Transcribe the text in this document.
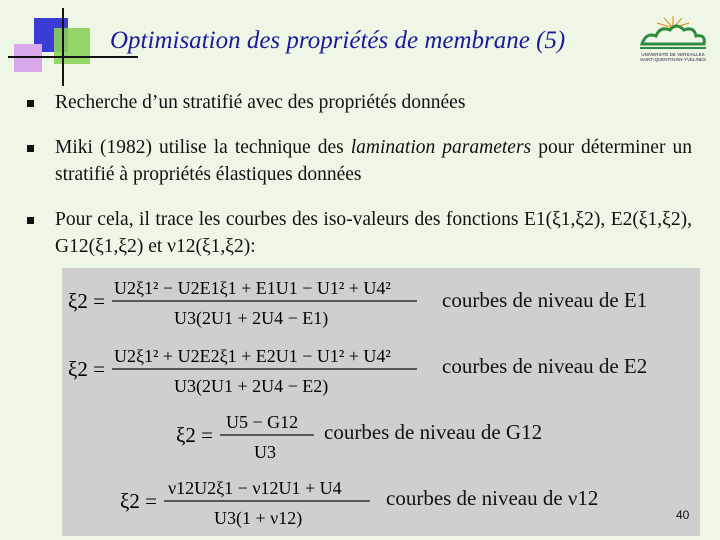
Optimisation des propriétés de membrane (5)
UNIVERSITÉ DE VERSAILLES SAINT-QUENTIN-EN-YVELINES
Recherche d’un stratifié avec des propriétés données
Miki (1982) utilise la technique des lamination parameters pour déterminer un stratifié à propriétés élastiques données
Pour cela, il trace les courbes des iso-valeurs des fonctions E1(ξ1,ξ2), E2(ξ1,ξ2), G12(ξ1,ξ2) et ν12(ξ1,ξ2):
ξ2 =
U2ξ1² − U2E1ξ1 + E1U1 − U1² + U4²
U3(2U1 + 2U4 − E1)
courbes de niveau de E1
ξ2 =
U2ξ1² + U2E2ξ1 + E2U1 − U1² + U4²
U3(2U1 + 2U4 − E2)
courbes de niveau de E2
ξ2 =
U5 − G12
U3
courbes de niveau de G12
ξ2 =
ν12U2ξ1 − ν12U1 + U4
U3(1 + ν12)
courbes de niveau de ν12
40
